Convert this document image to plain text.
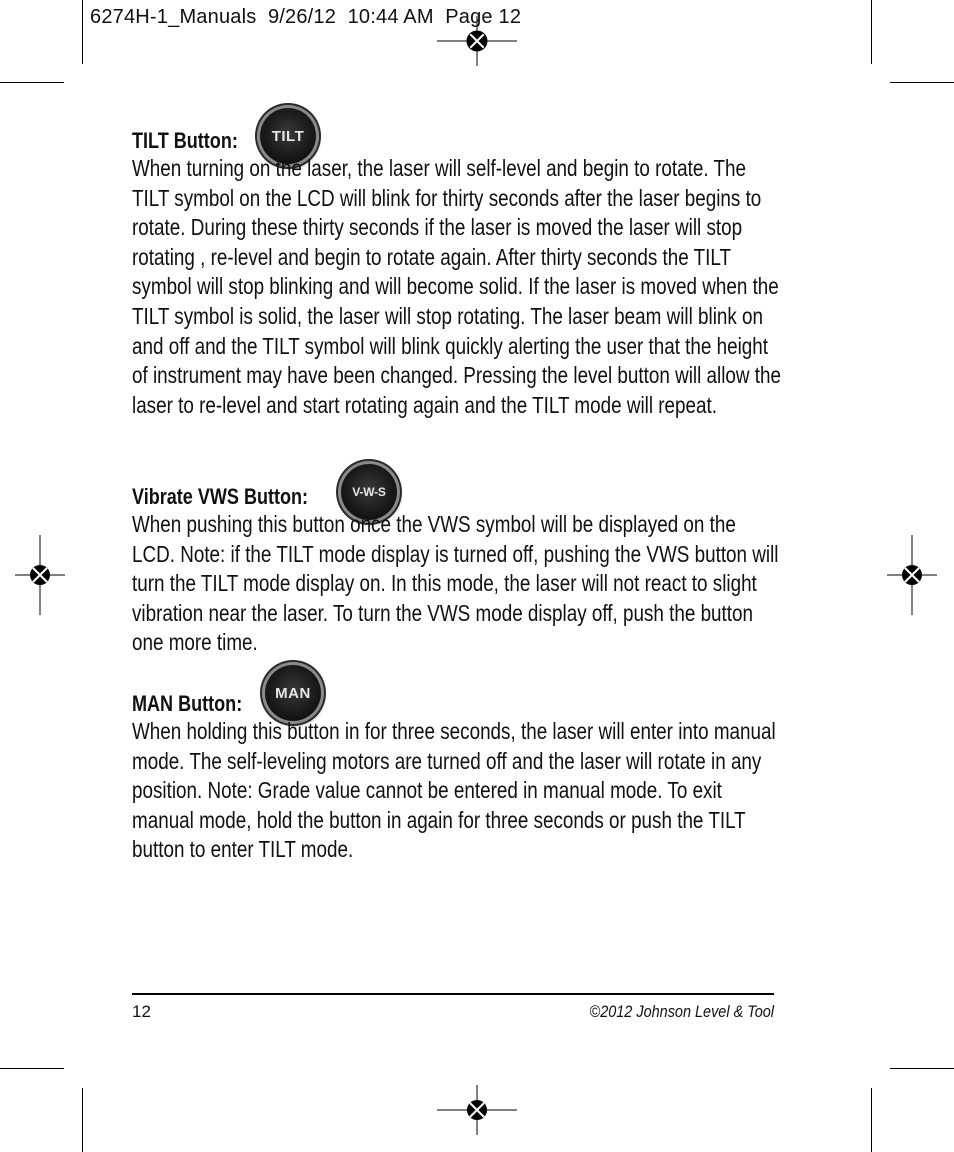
6274H-1_Manuals 9/26/12 10:44 AM Page 12
TILT Button: TILT
When turning on the laser, the laser will self-level and begin to rotate. The TILT symbol on the LCD will blink for thirty seconds after the laser begins to rotate. During these thirty seconds if the laser is moved the laser will stop rotating , re-level and begin to rotate again. After thirty seconds the TILT symbol will stop blinking and will become solid. If the laser is moved when the TILT symbol is solid, the laser will stop rotating. The laser beam will blink on and off and the TILT symbol will blink quickly alerting the user that the height of instrument may have been changed. Pressing the level button will allow the laser to re-level and start rotating again and the TILT mode will repeat.
Vibrate VWS Button:	V-W-S
When pushing this button once the VWS symbol will be displayed on the LCD. Note: if the TILT mode display is turned off, pushing the VWS button will turn the TILT mode display on. In this mode, the laser will not react to slight vibration near the laser. To turn the VWS mode display off, push the button one more time.
MAN Button: MAN
When holding this button in for three seconds, the laser will enter into manual mode. The self-leveling motors are turned off and the laser will rotate in any position. Note: Grade value cannot be entered in manual mode. To exit manual mode, hold the button in again for three seconds or push the TILT button to enter TILT mode.
12	©2012 Johnson Level & Tool
